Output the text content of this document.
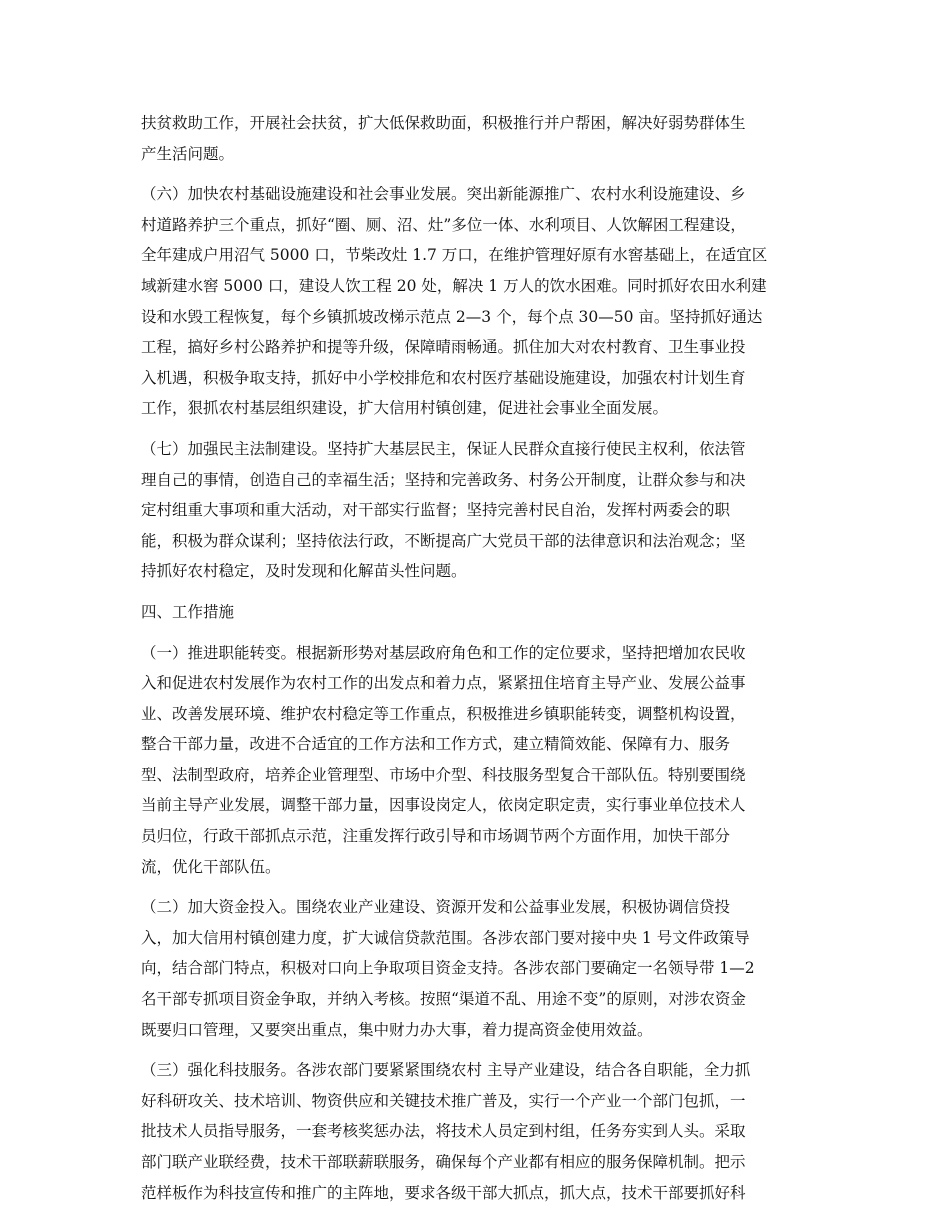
扶贫救助工作，开展社会扶贫，扩大低保救助面，积极推行并户帮困，解决好弱势群体生
产生活问题。

（六）加快农村基础设施建设和社会事业发展。突出新能源推广、农村水利设施建设、乡
村道路养护三个重点，抓好“圈、厕、沼、灶”多位一体、水利项目、人饮解困工程建设，
全年建成户用沼气 5000 口，节柴改灶 1.7 万口，在维护管理好原有水窖基础上，在适宜区
域新建水窖 5000 口，建设人饮工程 20 处，解决 1 万人的饮水困难。同时抓好农田水利建
设和水毁工程恢复，每个乡镇抓坡改梯示范点 2—3 个，每个点 30—50 亩。坚持抓好通达
工程，搞好乡村公路养护和提等升级，保障晴雨畅通。抓住加大对农村教育、卫生事业投
入机遇，积极争取支持，抓好中小学校排危和农村医疗基础设施建设，加强农村计划生育
工作，狠抓农村基层组织建设，扩大信用村镇创建，促进社会事业全面发展。

（七）加强民主法制建设。坚持扩大基层民主，保证人民群众直接行使民主权利，依法管
理自己的事情，创造自己的幸福生活；坚持和完善政务、村务公开制度，让群众参与和决
定村组重大事项和重大活动，对干部实行监督；坚持完善村民自治，发挥村两委会的职
能，积极为群众谋利；坚持依法行政，不断提高广大党员干部的法律意识和法治观念；坚
持抓好农村稳定，及时发现和化解苗头性问题。

四、工作措施

（一）推进职能转变。根据新形势对基层政府角色和工作的定位要求，坚持把增加农民收
入和促进农村发展作为农村工作的出发点和着力点，紧紧扭住培育主导产业、发展公益事
业、改善发展环境、维护农村稳定等工作重点，积极推进乡镇职能转变，调整机构设置，
整合干部力量，改进不合适宜的工作方法和工作方式，建立精简效能、保障有力、服务
型、法制型政府，培养企业管理型、市场中介型、科技服务型复合干部队伍。特别要围绕
当前主导产业发展，调整干部力量，因事设岗定人，依岗定职定责，实行事业单位技术人
员归位，行政干部抓点示范，注重发挥行政引导和市场调节两个方面作用，加快干部分
流，优化干部队伍。

（二）加大资金投入。围绕农业产业建设、资源开发和公益事业发展，积极协调信贷投
入，加大信用村镇创建力度，扩大诚信贷款范围。各涉农部门要对接中央 1 号文件政策导
向，结合部门特点，积极对口向上争取项目资金支持。各涉农部门要确定一名领导带 1—2
名干部专抓项目资金争取，并纳入考核。按照“渠道不乱、用途不变”的原则，对涉农资金
既要归口管理，又要突出重点，集中财力办大事，着力提高资金使用效益。

（三）强化科技服务。各涉农部门要紧紧围绕农村 主导产业建设，结合各自职能，全力抓
好科研攻关、技术培训、物资供应和关键技术推广普及，实行一个产业一个部门包抓，一
批技术人员指导服务，一套考核奖惩办法，将技术人员定到村组，任务夯实到人头。采取
部门联产业联经费，技术干部联薪联服务，确保每个产业都有相应的服务保障机制。把示
范样板作为科技宣传和推广的主阵地，要求各级干部大抓点，抓大点，技术干部要抓好科
